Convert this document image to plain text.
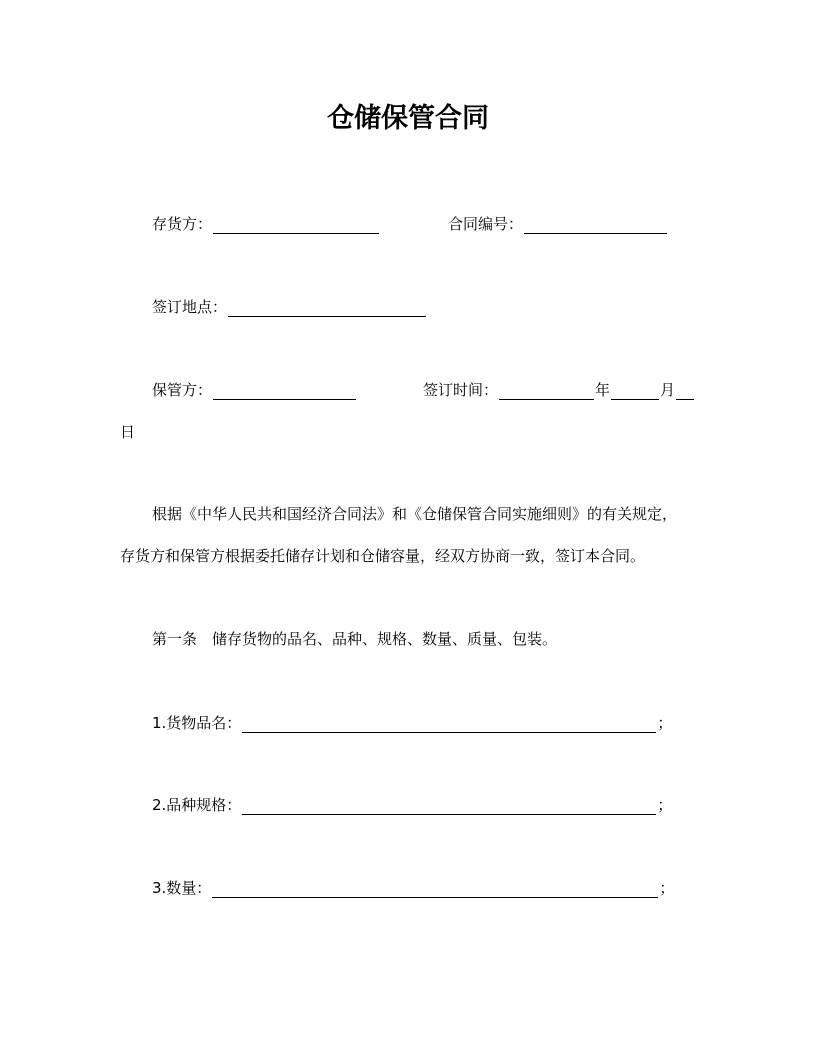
仓储保管合同
存货方：	合同编号：
签订地点：
保管方：	签订时间：	年	月
日
根据《中华人民共和国经济合同法》和《仓储保管合同实施细则》的有关规定，
存货方和保管方根据委托储存计划和仓储容量，经双方协商一致，签订本合同。
第一条　储存货物的品名、品种、规格、数量、质量、包装。
1.货物品名：	；
2.品种规格：	；
3.数量：	；
